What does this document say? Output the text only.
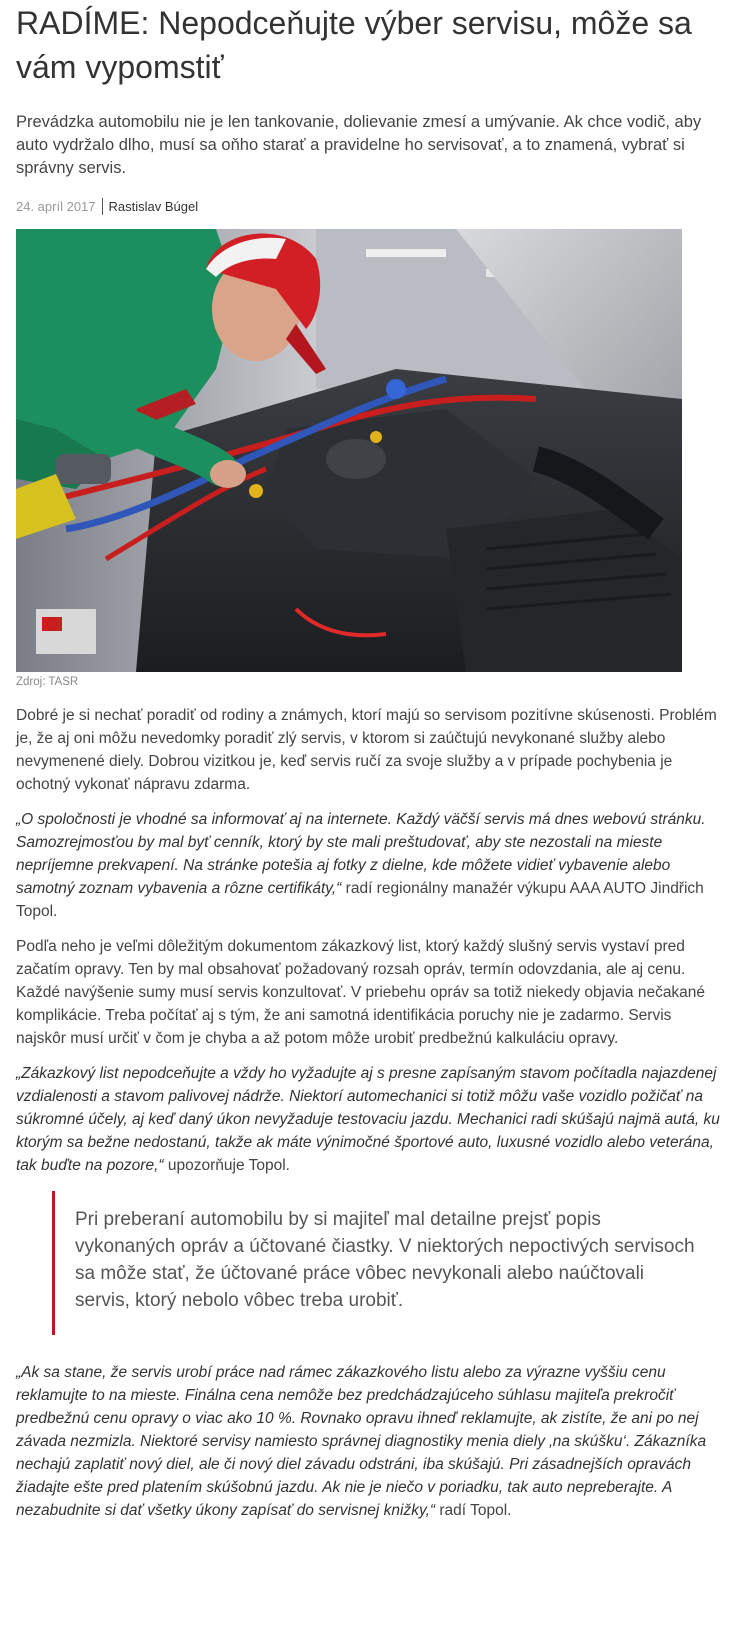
RADÍME: Nepodceňujte výber servisu, môže sa vám vypomstiť

Prevádzka automobilu nie je len tankovanie, dolievanie zmesí a umývanie. Ak chce vodič, aby auto vydržalo dlho, musí sa oňho starať a pravidelne ho servisovať, a to znamená, vybrať si správny servis.

24. apríl 2017 Rastislav Búgel
Zdroj: TASR

Dobré je si nechať poradiť od rodiny a známych, ktorí majú so servisom pozitívne skúsenosti. Problém je, že aj oni môžu nevedomky poradiť zlý servis, v ktorom si zaúčtujú nevykonané služby alebo nevymenené diely. Dobrou vizitkou je, keď servis ručí za svoje služby a v prípade pochybenia je ochotný vykonať nápravu zdarma.

„O spoločnosti je vhodné sa informovať aj na internete. Každý väčší servis má dnes webovú stránku. Samozrejmosťou by mal byť cenník, ktorý by ste mali preštudovať, aby ste nezostali na mieste nepríjemne prekvapení. Na stránke potešia aj fotky z dielne, kde môžete vidieť vybavenie alebo samotný zoznam vybavenia a rôzne certifikáty,“ radí regionálny manažér výkupu AAA AUTO Jindřich Topol.

Podľa neho je veľmi dôležitým dokumentom zákazkový list, ktorý každý slušný servis vystaví pred začatím opravy. Ten by mal obsahovať požadovaný rozsah opráv, termín odovzdania, ale aj cenu. Každé navýšenie sumy musí servis konzultovať. V priebehu opráv sa totiž niekedy objavia nečakané komplikácie. Treba počítať aj s tým, že ani samotná identifikácia poruchy nie je zadarmo. Servis najskôr musí určiť v čom je chyba a až potom môže urobiť predbežnú kalkuláciu opravy.

„Zákazkový list nepodceňujte a vždy ho vyžadujte aj s presne zapísaným stavom počítadla najazdenej vzdialenosti a stavom palivovej nádrže. Niektorí automechanici si totiž môžu vaše vozidlo požičať na súkromné účely, aj keď daný úkon nevyžaduje testovaciu jazdu. Mechanici radi skúšajú najmä autá, ku ktorým sa bežne nedostanú, takže ak máte výnimočné športové auto, luxusné vozidlo alebo veterána, tak buďte na pozore,“ upozorňuje Topol.

Pri preberaní automobilu by si majiteľ mal detailne prejsť popis vykonaných opráv a účtované čiastky. V niektorých nepoctivých servisoch sa môže stať, že účtované práce vôbec nevykonali alebo naúčtovali servis, ktorý nebolo vôbec treba urobiť.

„Ak sa stane, že servis urobí práce nad rámec zákazkového listu alebo za výrazne vyššiu cenu reklamujte to na mieste. Finálna cena nemôže bez predchádzajúceho súhlasu majiteľa prekročiť predbežnú cenu opravy o viac ako 10 %. Rovnako opravu ihneď reklamujte, ak zistíte, že ani po nej závada nezmizla. Niektoré servisy namiesto správnej diagnostiky menia diely ‚na skúšku‘. Zákazníka nechajú zaplatiť nový diel, ale či nový diel závadu odstráni, iba skúšajú. Pri zásadnejších opravách žiadajte ešte pred platením skúšobnú jazdu. Ak nie je niečo v poriadku, tak auto nepreberajte. A nezabudnite si dať všetky úkony zapísať do servisnej knižky,“ radí Topol.
